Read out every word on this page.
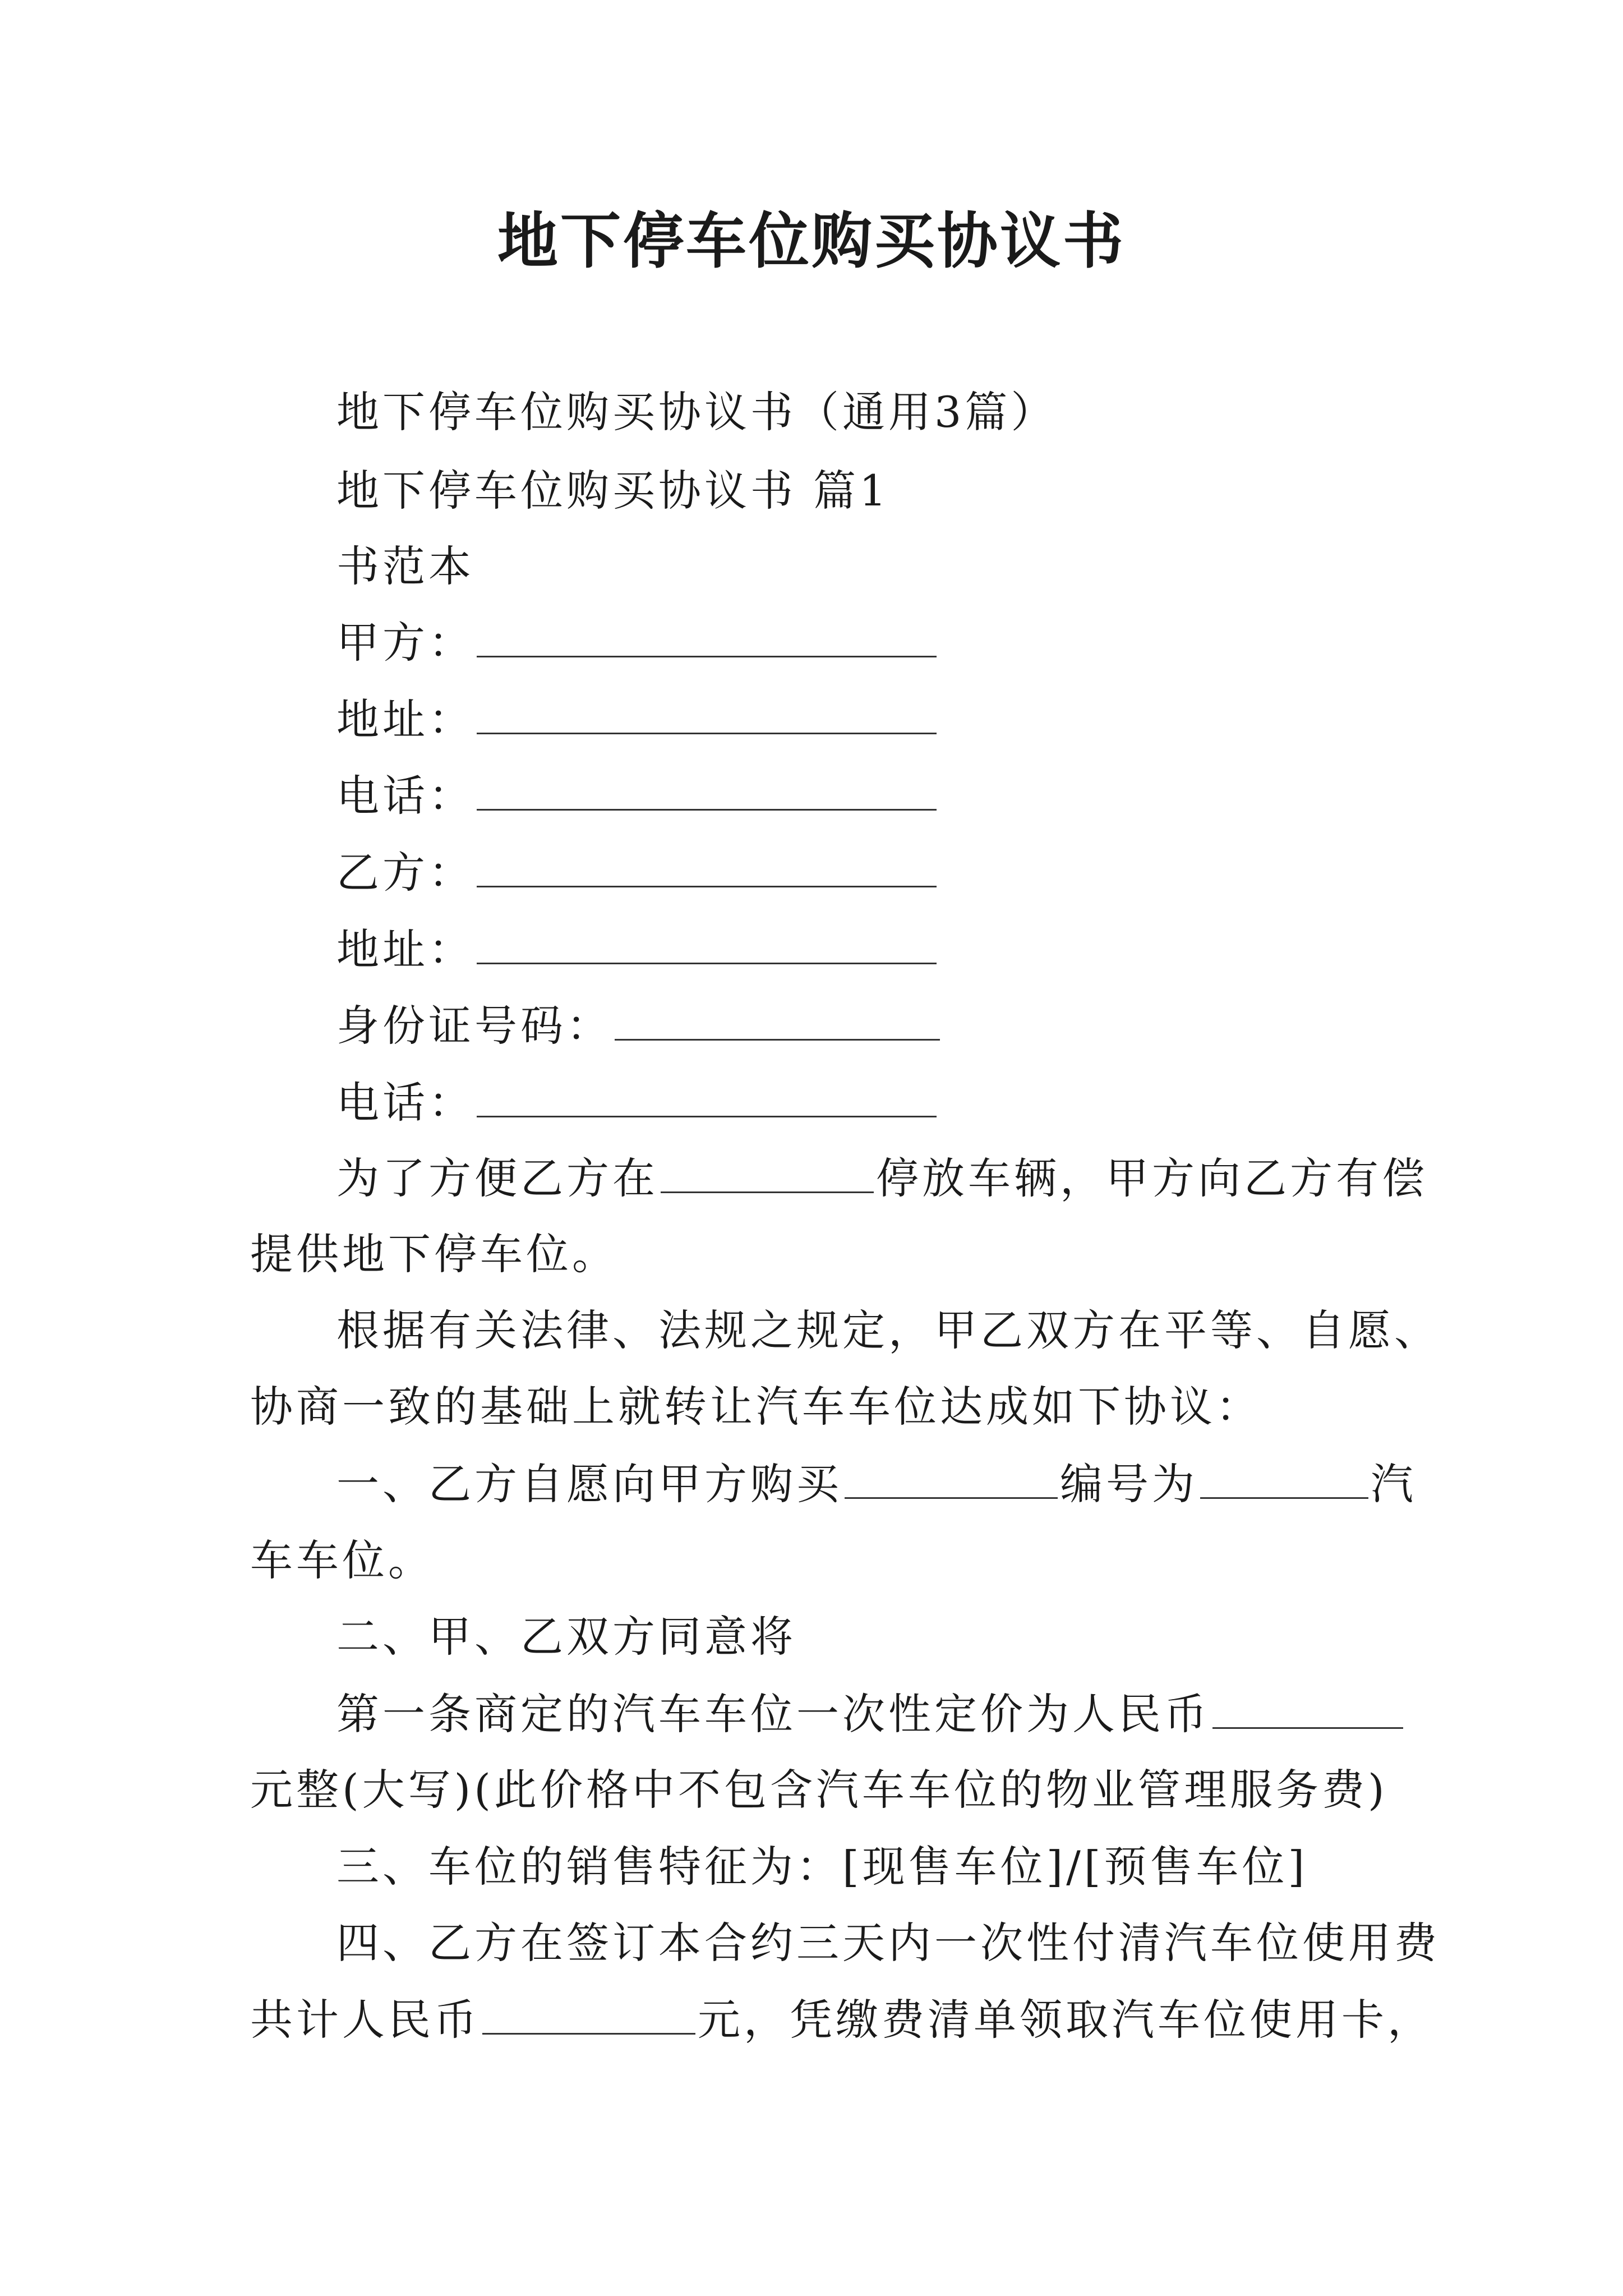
地下停车位购买协议书
地下停车位购买协议书（通用3篇）
地下停车位购买协议书 篇1
书范本
甲方：
地址：
电话：
乙方：
地址：
身份证号码：
电话：
为了方便乙方在	停放车辆，甲方向乙方有偿
提供地下停车位。
根据有关法律、法规之规定，甲乙双方在平等、自愿、
协商一致的基础上就转让汽车车位达成如下协议：
一、乙方自愿向甲方购买	编号为	汽
车车位。
二、甲、乙双方同意将
第一条商定的汽车车位一次性定价为人民币
元整(大写)(此价格中不包含汽车车位的物业管理服务费)
三、车位的销售特征为：[现售车位]/[预售车位]
四、乙方在签订本合约三天内一次性付清汽车位使用费
共计人民币	元，凭缴费清单领取汽车位使用卡，
